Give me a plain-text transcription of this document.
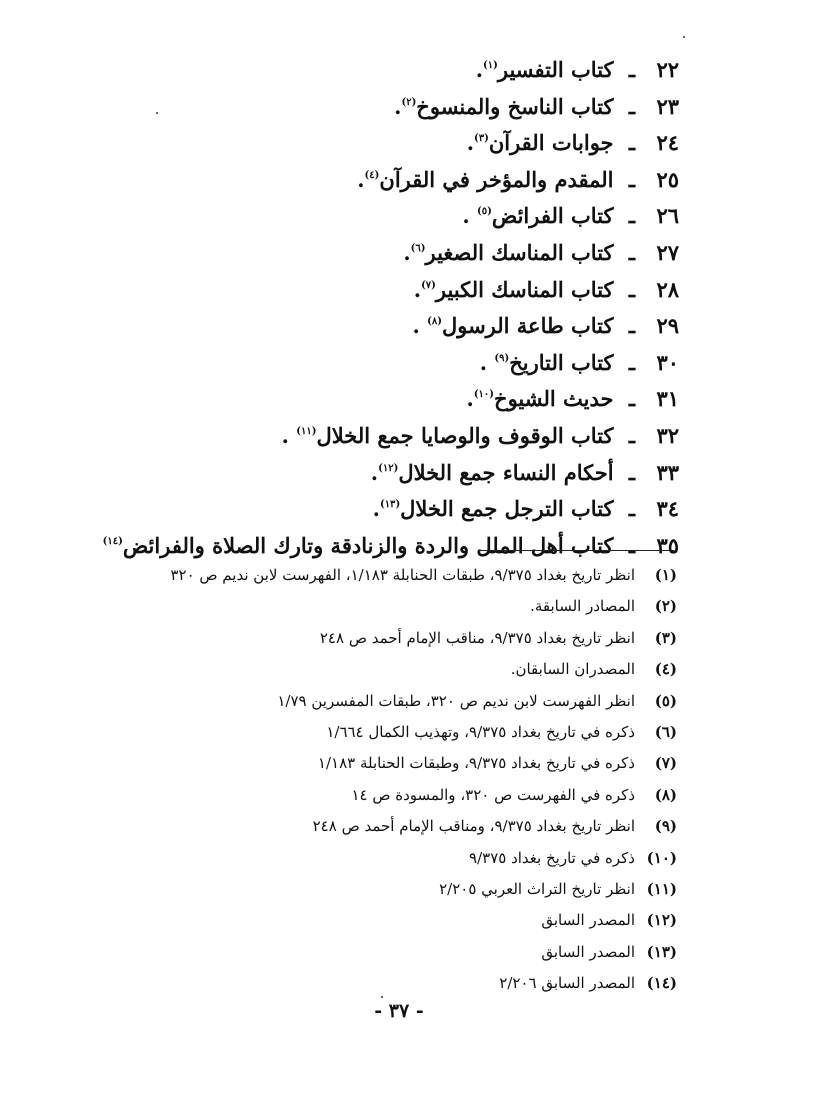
٢٢ـ كتاب التفسير$^{(١)}$.
٢٣ـ كتاب الناسخ والمنسوخ$^{(٢)}$.
٢٤ـ جوابات القرآن$^{(٣)}$.
٢٥ـ المقدم والمؤخر في القرآن$^{(٤)}$.
٢٦ـ كتاب الفرائض$^{(٥)}$ .
٢٧ـ كتاب المناسك الصغير$^{(٦)}$.
٢٨ـ كتاب المناسك الكبير$^{(٧)}$.
٢٩ـ كتاب طاعة الرسول$^{(٨)}$ .
٣٠ـ كتاب التاريخ$^{(٩)}$ .
٣١ـ حديث الشيوخ$^{(١٠)}$.
٣٢ـ كتاب الوقوف والوصايا جمع الخلال$^{(١١)}$ .
٣٣ـ أحكام النساء جمع الخلال$^{(١٢)}$.
٣٤ـ كتاب الترجل جمع الخلال$^{(١٣)}$.
٣٥ـ كتاب أهل الملل والردة والزنادقة وتارك الصلاة والفرائض$^{(١٤)}$
(١)انظر تاريخ بغداد ٩/٣٧٥، طبقات الحنابلة ١/١٨٣، الفهرست لابن نديم ص ٣٢٠
(٢)المصادر السابقة.
(٣)انظر تاريخ بغداد ٩/٣٧٥، مناقب الإمام أحمد ص ٢٤٨
(٤)المصدران السابقان.
(٥)انظر الفهرست لابن نديم ص ٣٢٠، طبقات المفسرين ١/٧٩
(٦)ذكره في تاريخ بغداد ٩/٣٧٥، وتهذيب الكمال ١/٦٦٤
(٧)ذكره في تاريخ بغداد ٩/٣٧٥، وطبقات الحنابلة ١/١٨٣
(٨)ذكره في الفهرست ص ٣٢٠، والمسودة ص ١٤
(٩)انظر تاريخ بغداد ٩/٣٧٥، ومناقب الإمام أحمد ص ٢٤٨
(١٠)ذكره في تاريخ بغداد ٩/٣٧٥
(١١)انظر تاريخ التراث العربي ٢/٢٠٥
(١٢)المصدر السابق
(١٣)المصدر السابق
(١٤)المصدر السابق ٢/٢٠٦
- ٣٧ -
